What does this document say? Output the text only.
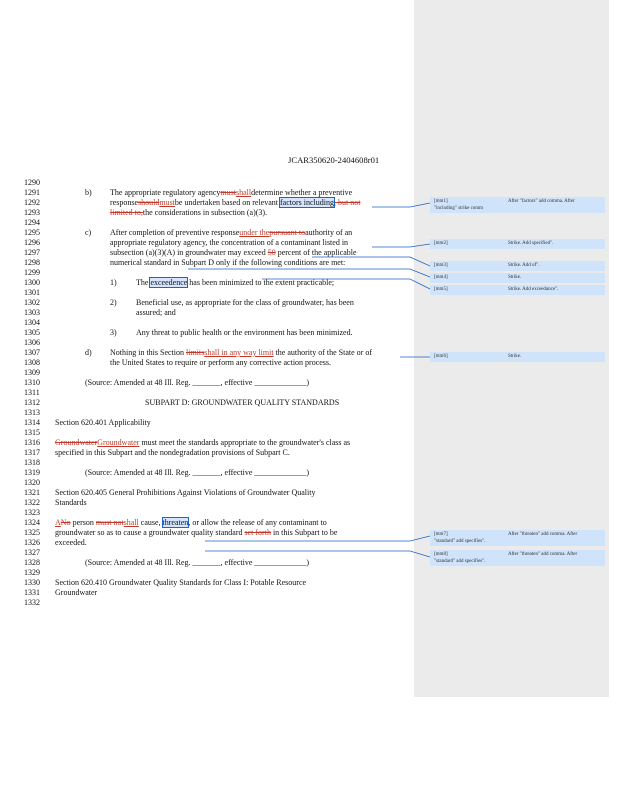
JCAR350620-2404608r01
1290
1291
1292
1293
1294
1295
1296
1297
1298
1299
1300
1301
1302
1303
1304
1305
1306
1307
1308
1309
1310
1311
1312
1313
1314
1315
1316
1317
1318
1319
1320
1321
1322
1323
1324
1325
1326
1327
1328
1329
1330
1331
1332
b) The appropriate regulatory agencymustshalldetermine whether a preventive
responseshouldmustbe undertaken based on relevant factors including, but not
limited to,the considerations in subsection (a)(3).
c) After completion of preventive responseunder thepursuant toauthority of an
appropriate regulatory agency, the concentration of a contaminant listed in
subsection (a)(3)(A) in groundwater may exceed 50 percent of the applicable
numerical standard in Subpart D only if the following conditions are met:
1) The exceedence has been minimized to the extent practicable;
2) Beneficial use, as appropriate for the class of groundwater, has been
assured; and
3) Any threat to public health or the environment has been minimized.
d) Nothing in this Section limitsshall in any way limit the authority of the State or of
the United States to require or perform any corrective action process.
(Source: Amended at 48 Ill. Reg. _______, effective _____________)
SUBPART D: GROUNDWATER QUALITY STANDARDS
Section 620.401 Applicability
GroundwaterGroundwater must meet the standards appropriate to the groundwater's class as
specified in this Subpart and the nondegradation provisions of Subpart C.
(Source: Amended at 48 Ill. Reg. _______, effective _____________)
Section 620.405 General Prohibitions Against Violations of Groundwater Quality
Standards
ANo person must notshall cause, threaten, or allow the release of any contaminant to
groundwater so as to cause a groundwater quality standard set forth in this Subpart to be
exceeded.
(Source: Amended at 48 Ill. Reg. _______, effective _____________)
Section 620.410 Groundwater Quality Standards for Class I: Potable Resource
Groundwater
[mm1]	After "factors" add comma. After
"including" strike comm
[mm2]	Strike. Add specified".
[mm3]	Strike. Add of".
[mm4]	Strike.
[mm5]	Strike. Add exceedance".
[mm6]	Strike.
[mm7]	After "threaten" add comma. After
"standard" add specifies".
[mm8]	After "threaten" add comma. After
"standard" add specifies".
